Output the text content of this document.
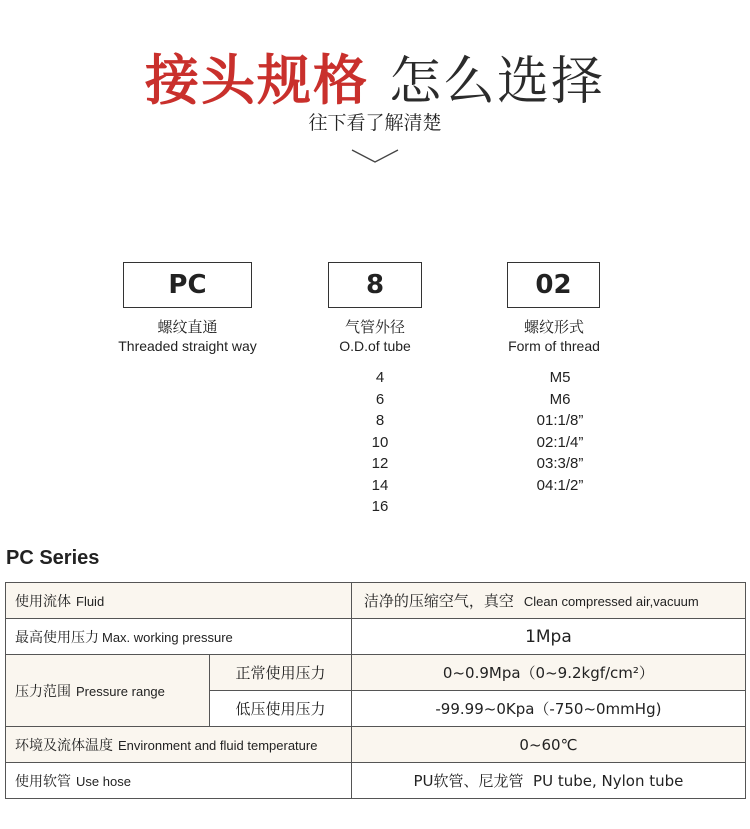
接头规格 怎么选择
往下看了解清楚
PC
螺纹直通
Threaded straight way
8
气管外径
O.D.of tube
4
6
8
10
12
14
16
02
螺纹形式
Form of thread
M5
M6
01:1/8”
02:1/4”
03:3/8”
04:1/2”
PC Series
使用流体 Fluid		洁净的压缩空气，真空 Clean compressed air,vacuum
最高使用压力 Max. working pressure		1Mpa
压力范围 Pressure range	正常使用压力	0~0.9Mpa（0~9.2kgf/cm²）
	低压使用压力	-99.99~0Kpa（-750~0mmHg)
环境及流体温度 Environment and fluid temperature		0~60℃
使用软管 Use hose		PU软管、尼龙管  PU tube, Nylon tube
